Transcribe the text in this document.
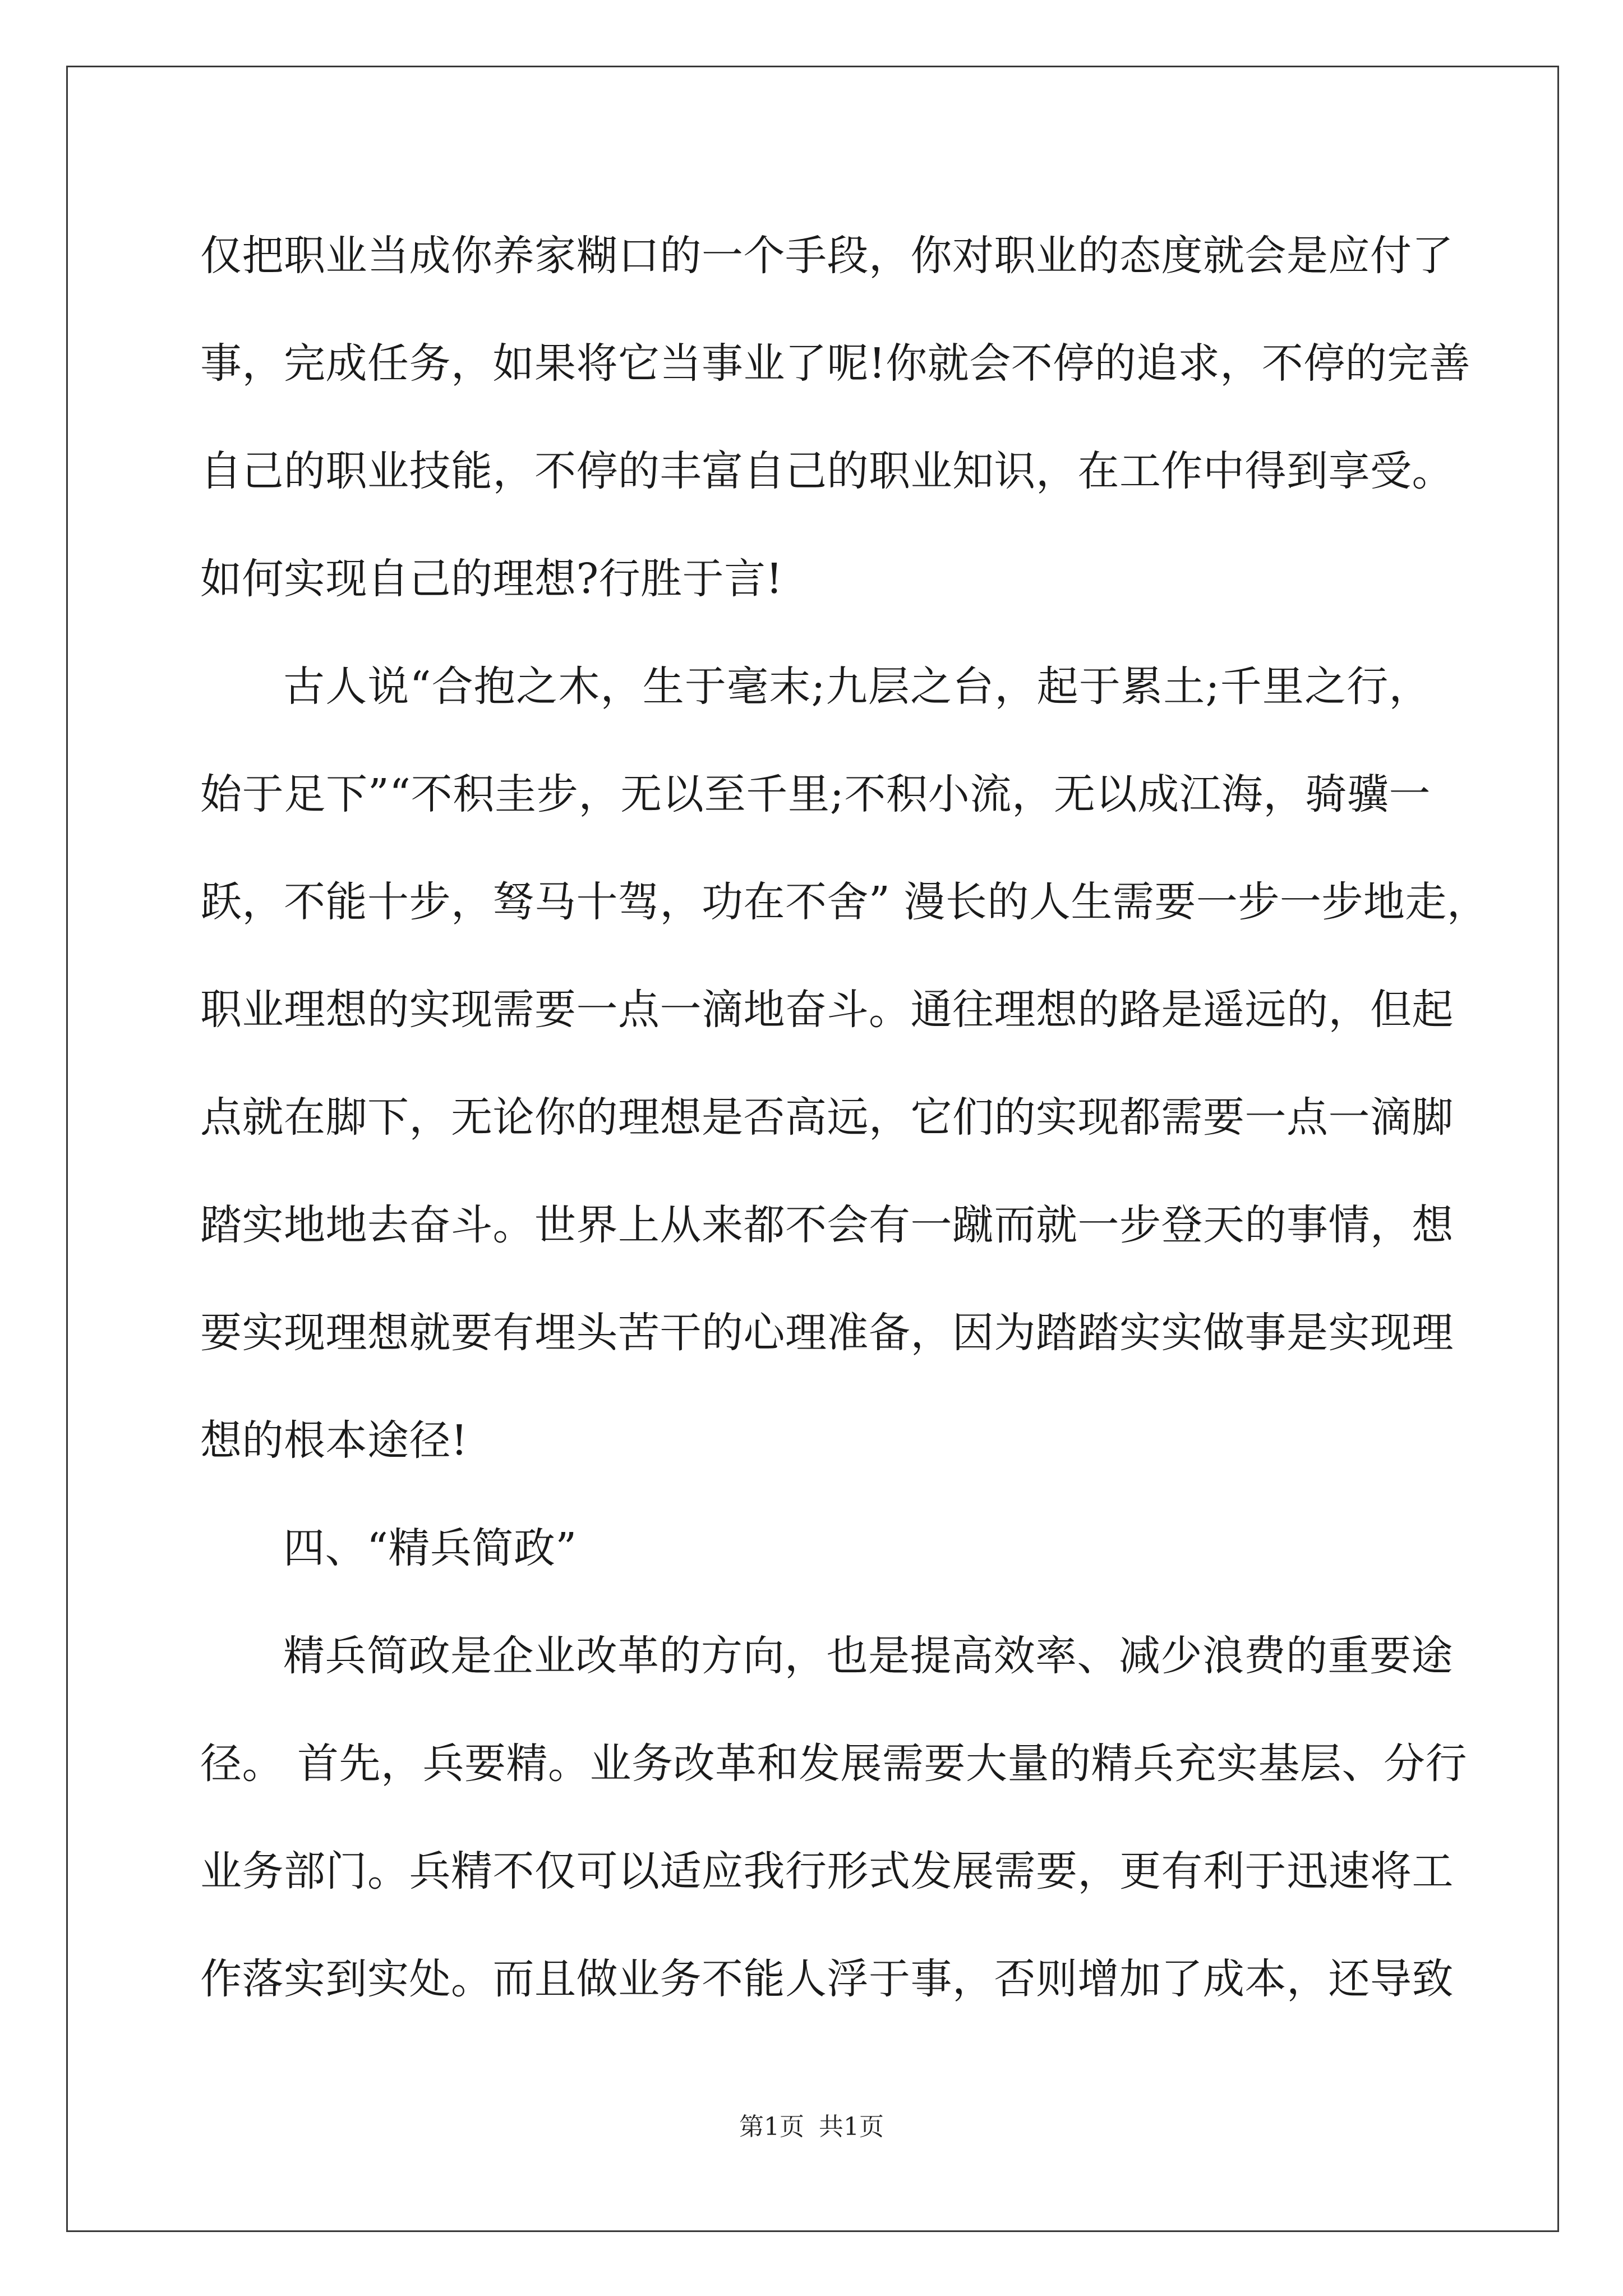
仅把职业当成你养家糊口的一个手段，你对职业的态度就会是应付了
事，完成任务，如果将它当事业了呢!你就会不停的追求，不停的完善
自己的职业技能，不停的丰富自己的职业知识，在工作中得到享受。
如何实现自己的理想?行胜于言!
古人说“合抱之木，生于毫末;九层之台，起于累土;千里之行，
始于足下”“不积圭步，无以至千里;不积小流，无以成江海，骑骥一
跃，不能十步，驽马十驾，功在不舍” 漫长的人生需要一步一步地走，
职业理想的实现需要一点一滴地奋斗。通往理想的路是遥远的，但起
点就在脚下，无论你的理想是否高远，它们的实现都需要一点一滴脚
踏实地地去奋斗。世界上从来都不会有一蹴而就一步登天的事情，想
要实现理想就要有埋头苦干的心理准备，因为踏踏实实做事是实现理
想的根本途径!
四、“精兵简政”
精兵简政是企业改革的方向，也是提高效率、减少浪费的重要途
径。 首先，兵要精。业务改革和发展需要大量的精兵充实基层、分行
业务部门。兵精不仅可以适应我行形式发展需要，更有利于迅速将工
作落实到实处。而且做业务不能人浮于事，否则增加了成本，还导致
第1页 共1页
